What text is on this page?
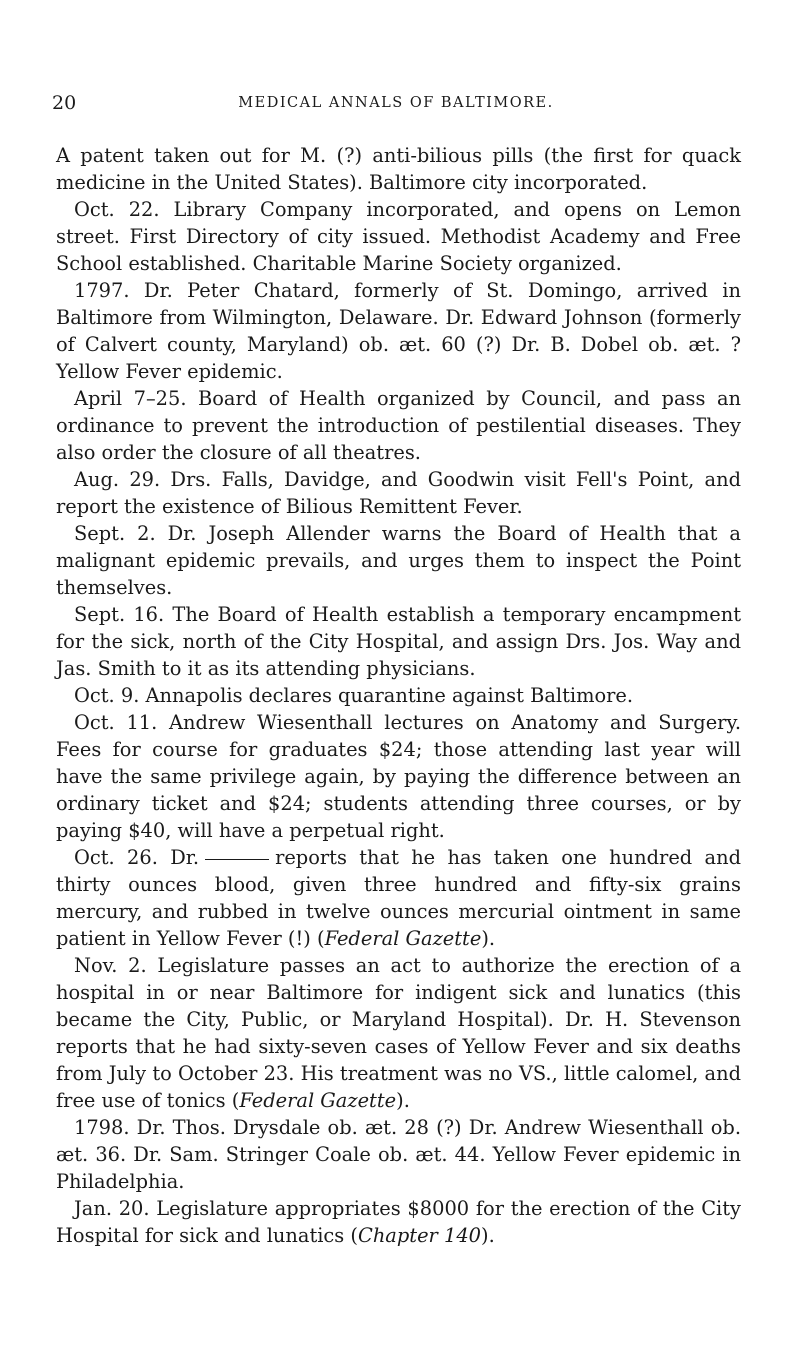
20	MEDICAL ANNALS OF BALTIMORE.

A patent taken out for M. (?) anti-bilious pills (the first for quack medicine in the United States). Baltimore city incorporated.

Oct. 22. Library Company incorporated, and opens on Lemon street. First Directory of city issued. Methodist Academy and Free School established. Charitable Marine Society organized.

1797. Dr. Peter Chatard, formerly of St. Domingo, arrived in Baltimore from Wilmington, Delaware. Dr. Edward Johnson (formerly of Calvert county, Maryland) ob. æt. 60 (?) Dr. B. Dobel ob. æt. ? Yellow Fever epidemic.

April 7–25. Board of Health organized by Council, and pass an ordinance to prevent the introduction of pestilential diseases. They also order the closure of all theatres.

Aug. 29. Drs. Falls, Davidge, and Goodwin visit Fell's Point, and report the existence of Bilious Remittent Fever.

Sept. 2. Dr. Joseph Allender warns the Board of Health that a malignant epidemic prevails, and urges them to inspect the Point themselves.

Sept. 16. The Board of Health establish a temporary encampment for the sick, north of the City Hospital, and assign Drs. Jos. Way and Jas. Smith to it as its attending physicians.

Oct. 9. Annapolis declares quarantine against Baltimore.

Oct. 11. Andrew Wiesenthall lectures on Anatomy and Surgery. Fees for course for graduates $24; those attending last year will have the same privilege again, by paying the difference between an ordinary ticket and $24; students attending three courses, or by paying $40, will have a perpetual right.

Oct. 26. Dr.	reports that he has taken one hundred and thirty ounces blood, given three hundred and fifty-six grains mercury, and rubbed in twelve ounces mercurial ointment in same patient in Yellow Fever (!) (Federal Gazette).

Nov. 2. Legislature passes an act to authorize the erection of a hospital in or near Baltimore for indigent sick and lunatics (this became the City, Public, or Maryland Hospital). Dr. H. Stevenson reports that he had sixty-seven cases of Yellow Fever and six deaths from July to October 23. His treatment was no VS., little calomel, and free use of tonics (Federal Gazette).

1798. Dr. Thos. Drysdale ob. æt. 28 (?) Dr. Andrew Wiesenthall ob. æt. 36. Dr. Sam. Stringer Coale ob. æt. 44. Yellow Fever epidemic in Philadelphia.

Jan. 20. Legislature appropriates $8000 for the erection of the City Hospital for sick and lunatics (Chapter 140).
